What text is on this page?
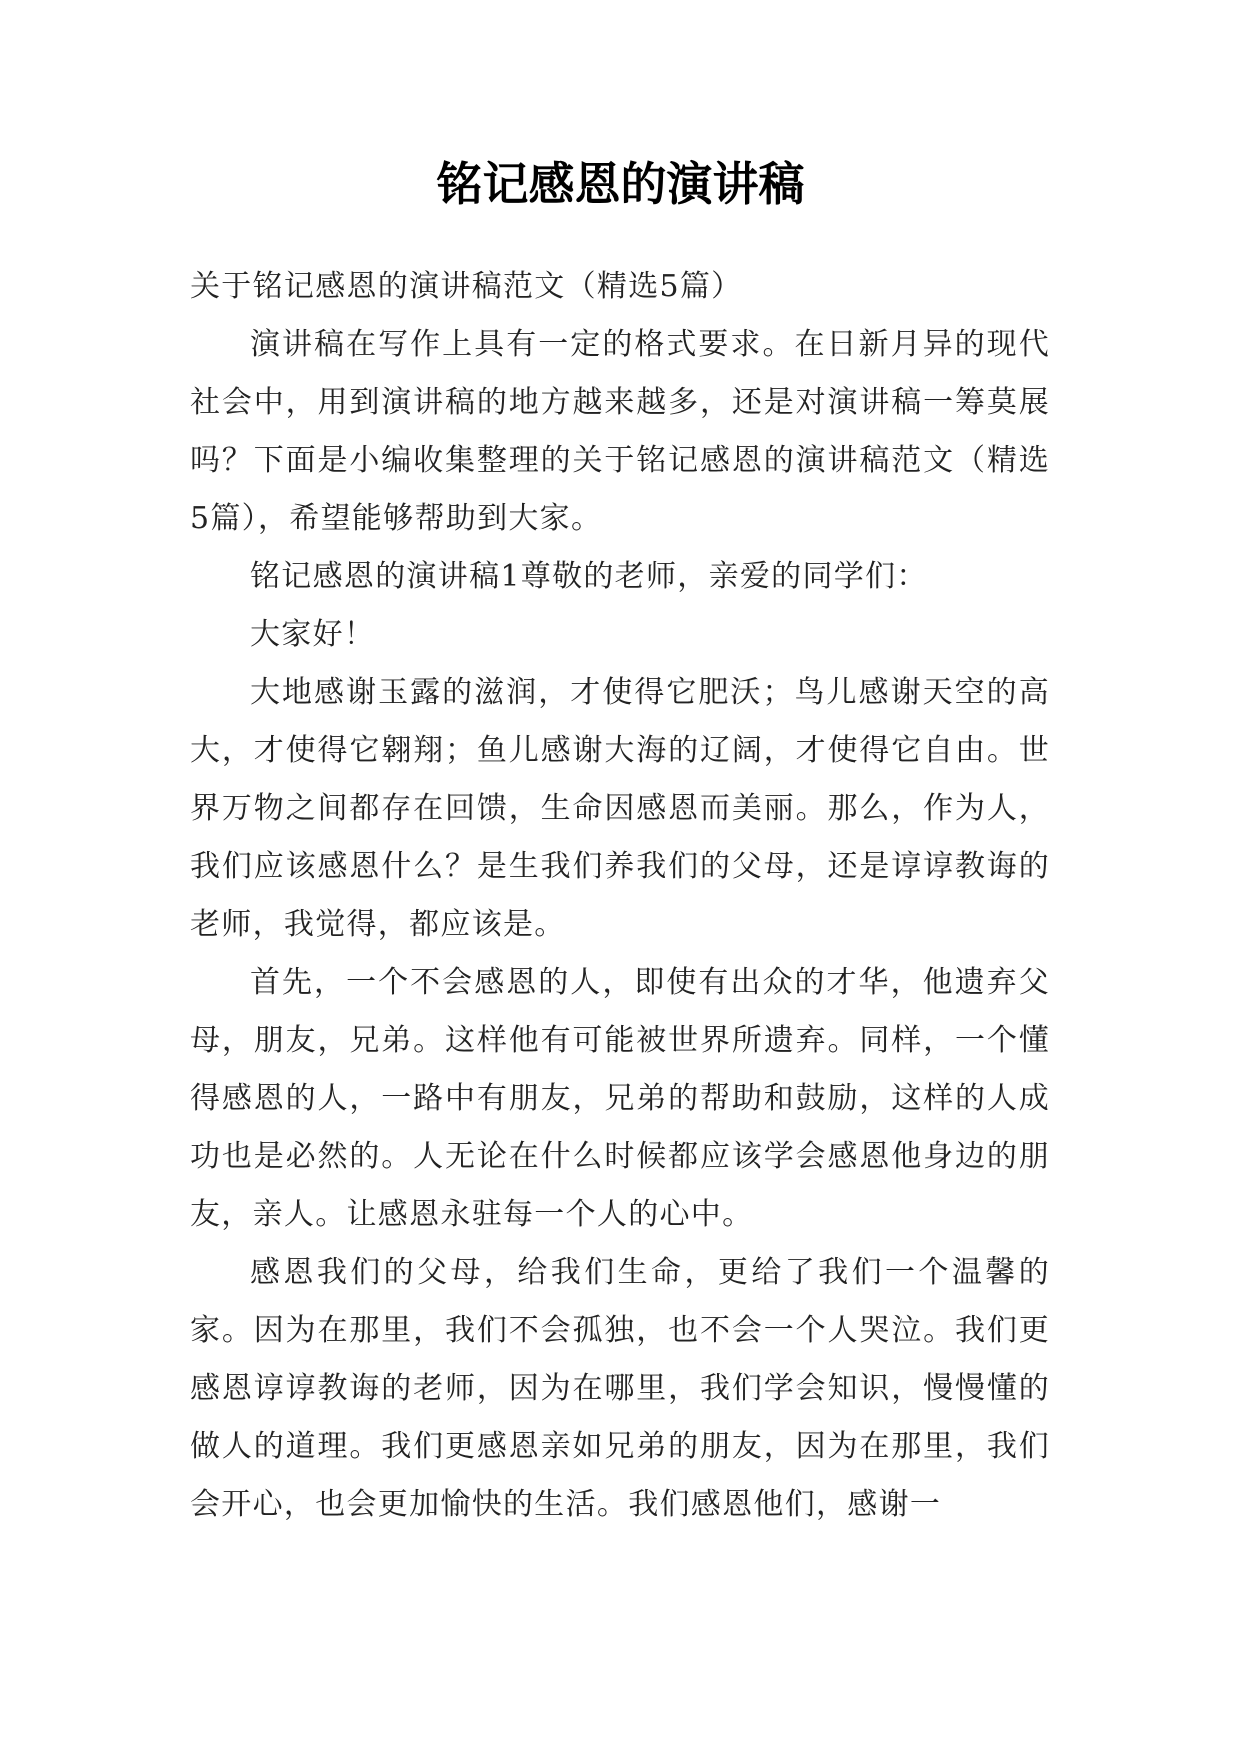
铭记感恩的演讲稿

关于铭记感恩的演讲稿范文（精选5篇）

演讲稿在写作上具有一定的格式要求。在日新月异的现代社会中，用到演讲稿的地方越来越多，还是对演讲稿一筹莫展吗？下面是小编收集整理的关于铭记感恩的演讲稿范文（精选5篇），希望能够帮助到大家。

铭记感恩的演讲稿1尊敬的老师，亲爱的同学们：

大家好！

大地感谢玉露的滋润，才使得它肥沃；鸟儿感谢天空的高大，才使得它翱翔；鱼儿感谢大海的辽阔，才使得它自由。世界万物之间都存在回馈，生命因感恩而美丽。那么，作为人，我们应该感恩什么？是生我们养我们的父母，还是谆谆教诲的老师，我觉得，都应该是。

首先，一个不会感恩的人，即使有出众的才华，他遗弃父母，朋友，兄弟。这样他有可能被世界所遗弃。同样，一个懂得感恩的人，一路中有朋友，兄弟的帮助和鼓励，这样的人成功也是必然的。人无论在什么时候都应该学会感恩他身边的朋友，亲人。让感恩永驻每一个人的心中。

感恩我们的父母，给我们生命，更给了我们一个温馨的家。因为在那里，我们不会孤独，也不会一个人哭泣。我们更感恩谆谆教诲的老师，因为在哪里，我们学会知识，慢慢懂的做人的道理。我们更感恩亲如兄弟的朋友，因为在那里，我们会开心，也会更加愉快的生活。我们感恩他们，感谢一
